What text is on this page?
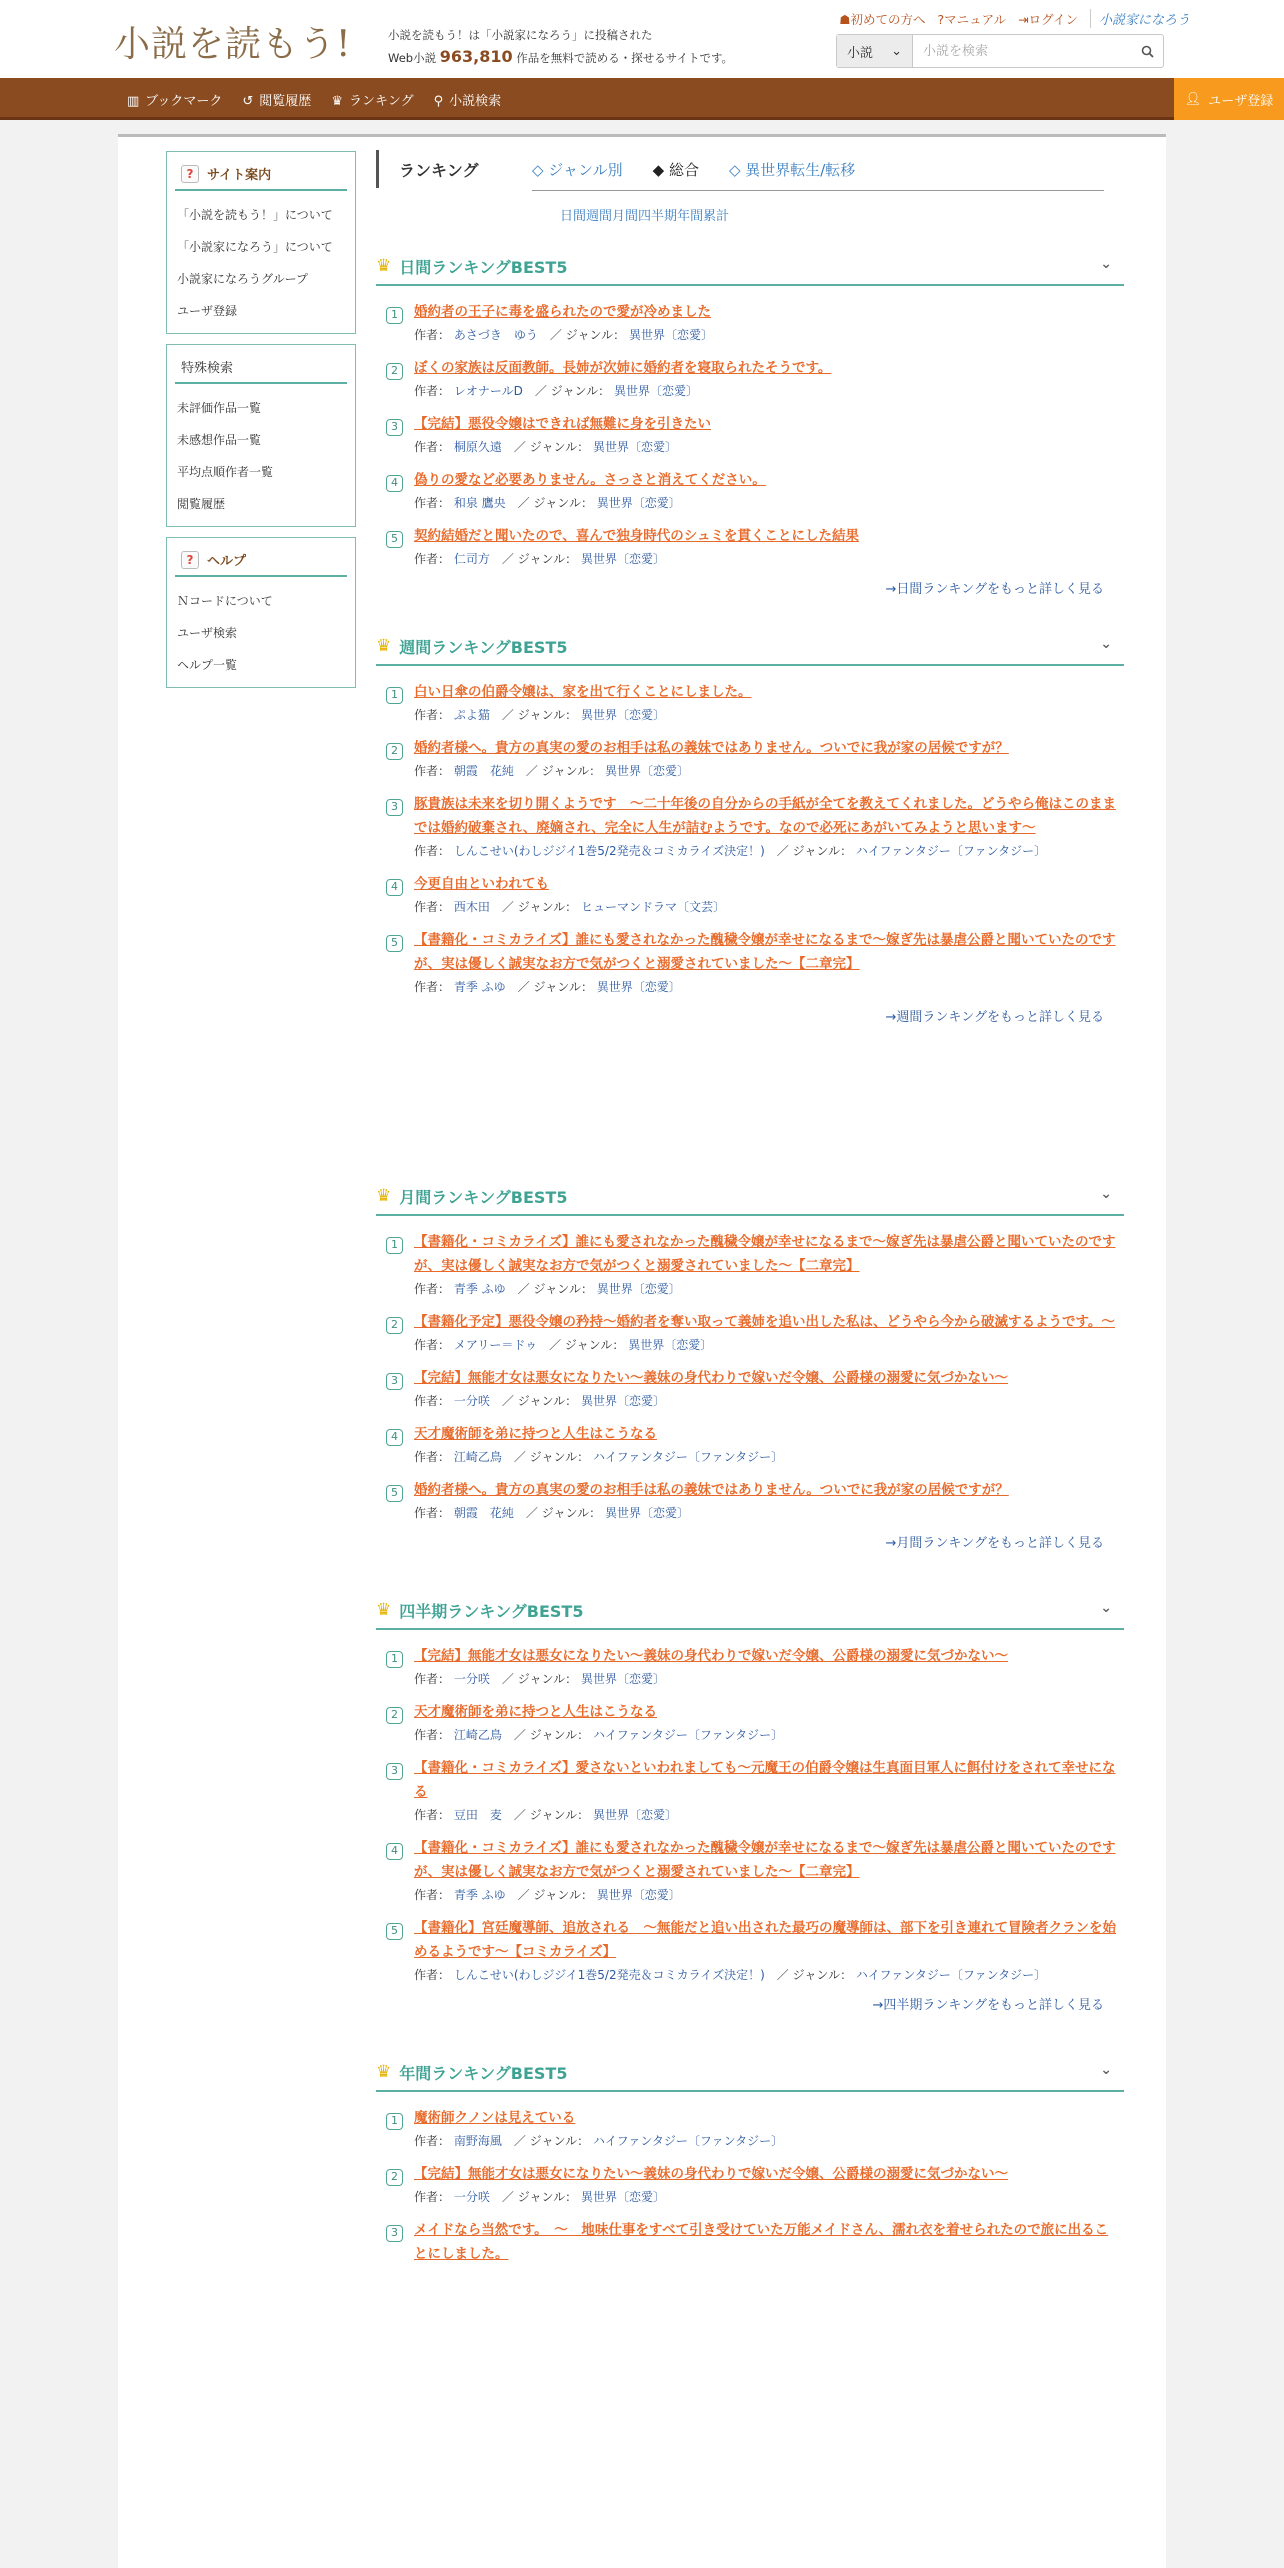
小説を読もう!	小説を読もう！は「小説家になろう」に投稿された
Web小説 963,810 作品を無料で読める・探せるサイトです。
☗初めての方へ ?マニュアル ⇥ログイン	小説家になろう
小説 ⌄
小説を検索
▥ ブックマーク ↺ 閲覧履歴 ♛ ランキング ⚲ 小説検索	👤︎ ユーザ登録
?	サイト案内
「小説を読もう！」について
「小説家になろう」について
小説家になろうグループ
ユーザ登録
特殊検索
未評価作品一覧
未感想作品一覧
平均点順作者一覧
閲覧履歴
?	ヘルプ
Ｎコードについて
ユーザ検索
ヘルプ一覧
ランキング	◇ ジャンル別 ◆ 総合 ◇ 異世界転生/転移
日間 週間 月間 四半期 年間 累計
♛ 日間ランキングBEST5	⌄
1 婚約者の王子に毒を盛られたので愛が冷めました
作者： あさづき　ゆう　／ ジャンル： 異世界〔恋愛〕
2 ぼくの家族は反面教師。長姉が次姉に婚約者を寝取られたそうです。
作者： レオナールD　／ ジャンル： 異世界〔恋愛〕
3 【完結】悪役令嬢はできれば無難に身を引きたい
作者： 桐原久遠　／ ジャンル： 異世界〔恋愛〕
4 偽りの愛など必要ありません。さっさと消えてください。
作者： 和泉 鷹央　／ ジャンル： 異世界〔恋愛〕
5 契約結婚だと聞いたので、喜んで独身時代のシュミを貫くことにした結果
作者： 仁司方　／ ジャンル： 異世界〔恋愛〕
→日間ランキングをもっと詳しく見る
♛ 週間ランキングBEST5	⌄
1 白い日傘の伯爵令嬢は、家を出て行くことにしました。
作者： ぷよ猫　／ ジャンル： 異世界〔恋愛〕
2 婚約者様へ。貴方の真実の愛のお相手は私の義妹ではありません。ついでに我が家の居候ですが？
作者： 朝霞　花純　／ ジャンル： 異世界〔恋愛〕
3 豚貴族は未来を切り開くようです　～二十年後の自分からの手紙が全てを教えてくれました。どうやら俺はこのままでは婚約破棄され、廃嫡され、完全に人生が詰むようです。なので必死にあがいてみようと思います～
作者： しんこせい(わしジジイ1巻5/2発売＆コミカライズ決定！)　／ ジャンル： ハイファンタジー〔ファンタジー〕
4 今更自由といわれても
作者： 西木田　／ ジャンル： ヒューマンドラマ〔文芸〕
5 【書籍化・コミカライズ】誰にも愛されなかった醜穢令嬢が幸せになるまで〜嫁ぎ先は暴虐公爵と聞いていたのですが、実は優しく誠実なお方で気がつくと溺愛されていました〜【二章完】
作者： 青季 ふゆ　／ ジャンル： 異世界〔恋愛〕
→週間ランキングをもっと詳しく見る
♛ 月間ランキングBEST5	⌄
1 【書籍化・コミカライズ】誰にも愛されなかった醜穢令嬢が幸せになるまで〜嫁ぎ先は暴虐公爵と聞いていたのですが、実は優しく誠実なお方で気がつくと溺愛されていました〜【二章完】
作者： 青季 ふゆ　／ ジャンル： 異世界〔恋愛〕
2 【書籍化予定】悪役令嬢の矜持〜婚約者を奪い取って義姉を追い出した私は、どうやら今から破滅するようです。〜
作者： メアリー＝ドゥ　／ ジャンル： 異世界〔恋愛〕
3 【完結】無能才女は悪女になりたい～義妹の身代わりで嫁いだ令嬢、公爵様の溺愛に気づかない～
作者： 一分咲　／ ジャンル： 異世界〔恋愛〕
4 天才魔術師を弟に持つと人生はこうなる
作者： 江崎乙鳥　／ ジャンル： ハイファンタジー〔ファンタジー〕
5 婚約者様へ。貴方の真実の愛のお相手は私の義妹ではありません。ついでに我が家の居候ですが？
作者： 朝霞　花純　／ ジャンル： 異世界〔恋愛〕
→月間ランキングをもっと詳しく見る
♛ 四半期ランキングBEST5	⌄
1 【完結】無能才女は悪女になりたい～義妹の身代わりで嫁いだ令嬢、公爵様の溺愛に気づかない～
作者： 一分咲　／ ジャンル： 異世界〔恋愛〕
2 天才魔術師を弟に持つと人生はこうなる
作者： 江崎乙鳥　／ ジャンル： ハイファンタジー〔ファンタジー〕
3 【書籍化・コミカライズ】愛さないといわれましても～元魔王の伯爵令嬢は生真面目軍人に餌付けをされて幸せになる
作者： 豆田　麦　／ ジャンル： 異世界〔恋愛〕
4 【書籍化・コミカライズ】誰にも愛されなかった醜穢令嬢が幸せになるまで〜嫁ぎ先は暴虐公爵と聞いていたのですが、実は優しく誠実なお方で気がつくと溺愛されていました〜【二章完】
作者： 青季 ふゆ　／ ジャンル： 異世界〔恋愛〕
5 【書籍化】宮廷魔導師、追放される　～無能だと追い出された最巧の魔導師は、部下を引き連れて冒険者クランを始めるようです～【コミカライズ】
作者： しんこせい(わしジジイ1巻5/2発売＆コミカライズ決定！)　／ ジャンル： ハイファンタジー〔ファンタジー〕
→四半期ランキングをもっと詳しく見る
♛ 年間ランキングBEST5	⌄
1 魔術師クノンは見えている
作者： 南野海風　／ ジャンル： ハイファンタジー〔ファンタジー〕
2 【完結】無能才女は悪女になりたい～義妹の身代わりで嫁いだ令嬢、公爵様の溺愛に気づかない～
作者： 一分咲　／ ジャンル： 異世界〔恋愛〕
3 メイドなら当然です。　～　地味仕事をすべて引き受けていた万能メイドさん、濡れ衣を着せられたので旅に出ることにしました。
